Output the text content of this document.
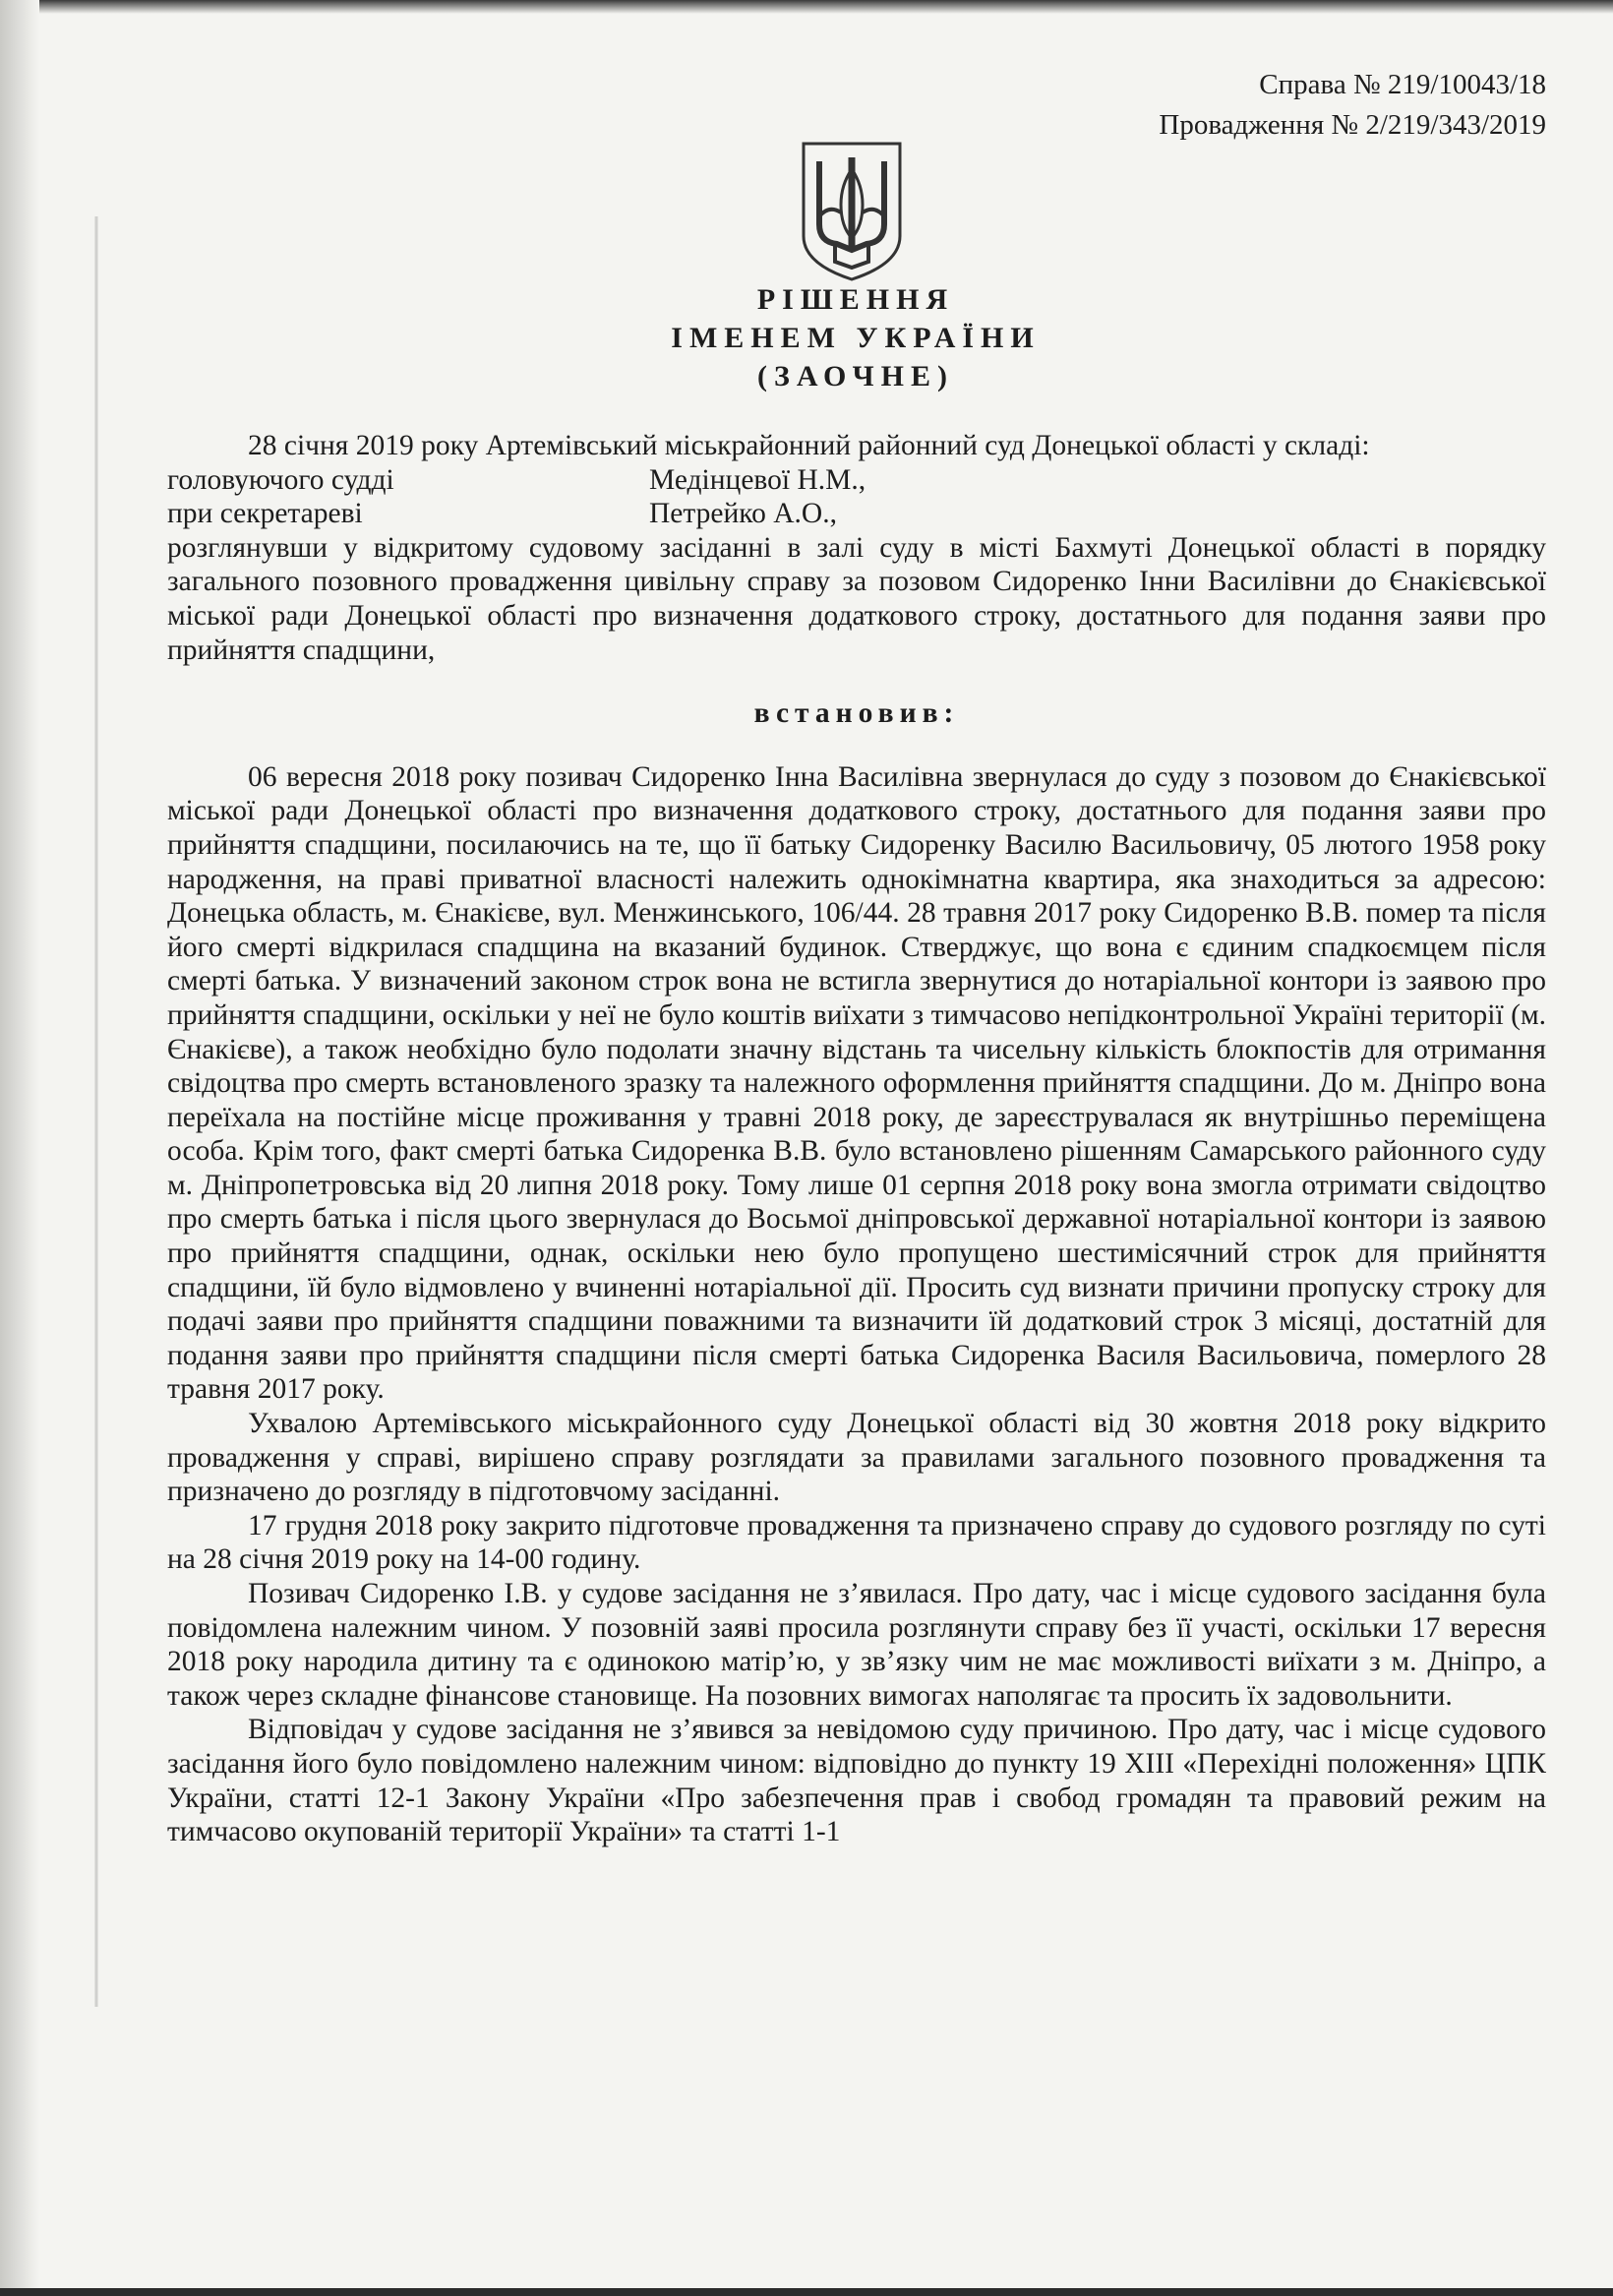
Справа № 219/10043/18
Провадження № 2/219/343/2019
РІШЕННЯ
ІМЕНЕМ УКРАЇНИ
(ЗАОЧНЕ)

28 січня 2019 року Артемівський міськрайонний районний суд Донецької області у складі:

головуючого судді	Медінцевої Н.М.,
при секретареві	Петрейко А.О.,

розглянувши у відкритому судовому засіданні в залі суду в місті Бахмуті Донецької області в порядку загального позовного провадження цивільну справу за позовом Сидоренко Інни Василівни до Єнакієвської міської ради Донецької області про визначення додаткового строку, достатнього для подання заяви про прийняття спадщини,

встановив:

06 вересня 2018 року позивач Сидоренко Інна Василівна звернулася до суду з позовом до Єнакієвської міської ради Донецької області про визначення додаткового строку, достатнього для подання заяви про прийняття спадщини, посилаючись на те, що її батьку Сидоренку Василю Васильовичу, 05 лютого 1958 року народження, на праві приватної власності належить однокімнатна квартира, яка знаходиться за адресою: Донецька область, м. Єнакієве, вул. Менжинського, 106/44. 28 травня 2017 року Сидоренко В.В. помер та після його смерті відкрилася спадщина на вказаний будинок. Стверджує, що вона є єдиним спадкоємцем після смерті батька. У визначений законом строк вона не встигла звернутися до нотаріальної контори із заявою про прийняття спадщини, оскільки у неї не було коштів виїхати з тимчасово непідконтрольної Україні території (м. Єнакієве), а також необхідно було подолати значну відстань та чисельну кількість блокпостів для отримання свідоцтва про смерть встановленого зразку та належного оформлення прийняття спадщини. До м. Дніпро вона переїхала на постійне місце проживання у травні 2018 року, де зареєструвалася як внутрішньо переміщена особа. Крім того, факт смерті батька Сидоренка В.В. було встановлено рішенням Самарського районного суду м. Дніпропетровська від 20 липня 2018 року. Тому лише 01 серпня 2018 року вона змогла отримати свідоцтво про смерть батька і після цього звернулася до Восьмої дніпровської державної нотаріальної контори із заявою про прийняття спадщини, однак, оскільки нею було пропущено шестимісячний строк для прийняття спадщини, їй було відмовлено у вчиненні нотаріальної дії. Просить суд визнати причини пропуску строку для подачі заяви про прийняття спадщини поважними та визначити їй додатковий строк 3 місяці, достатній для подання заяви про прийняття спадщини після смерті батька Сидоренка Василя Васильовича, померлого 28 травня 2017 року.

Ухвалою Артемівського міськрайонного суду Донецької області від 30 жовтня 2018 року відкрито провадження у справі, вирішено справу розглядати за правилами загального позовного провадження та призначено до розгляду в підготовчому засіданні.

17 грудня 2018 року закрито підготовче провадження та призначено справу до судового розгляду по суті на 28 січня 2019 року на 14-00 годину.

Позивач Сидоренко І.В. у судове засідання не з’явилася. Про дату, час і місце судового засідання була повідомлена належним чином. У позовній заяві просила розглянути справу без її участі, оскільки 17 вересня 2018 року народила дитину та є одинокою матір’ю, у зв’язку чим не має можливості виїхати з м. Дніпро, а також через складне фінансове становище. На позовних вимогах наполягає та просить їх задовольнити.

Відповідач у судове засідання не з’явився за невідомою суду причиною. Про дату, час і місце судового засідання його було повідомлено належним чином: відповідно до пункту 19 ХІІІ «Перехідні положення» ЦПК України, статті 12-1 Закону України «Про забезпечення прав і свобод громадян та правовий режим на тимчасово окупованій території України» та статті 1-1
